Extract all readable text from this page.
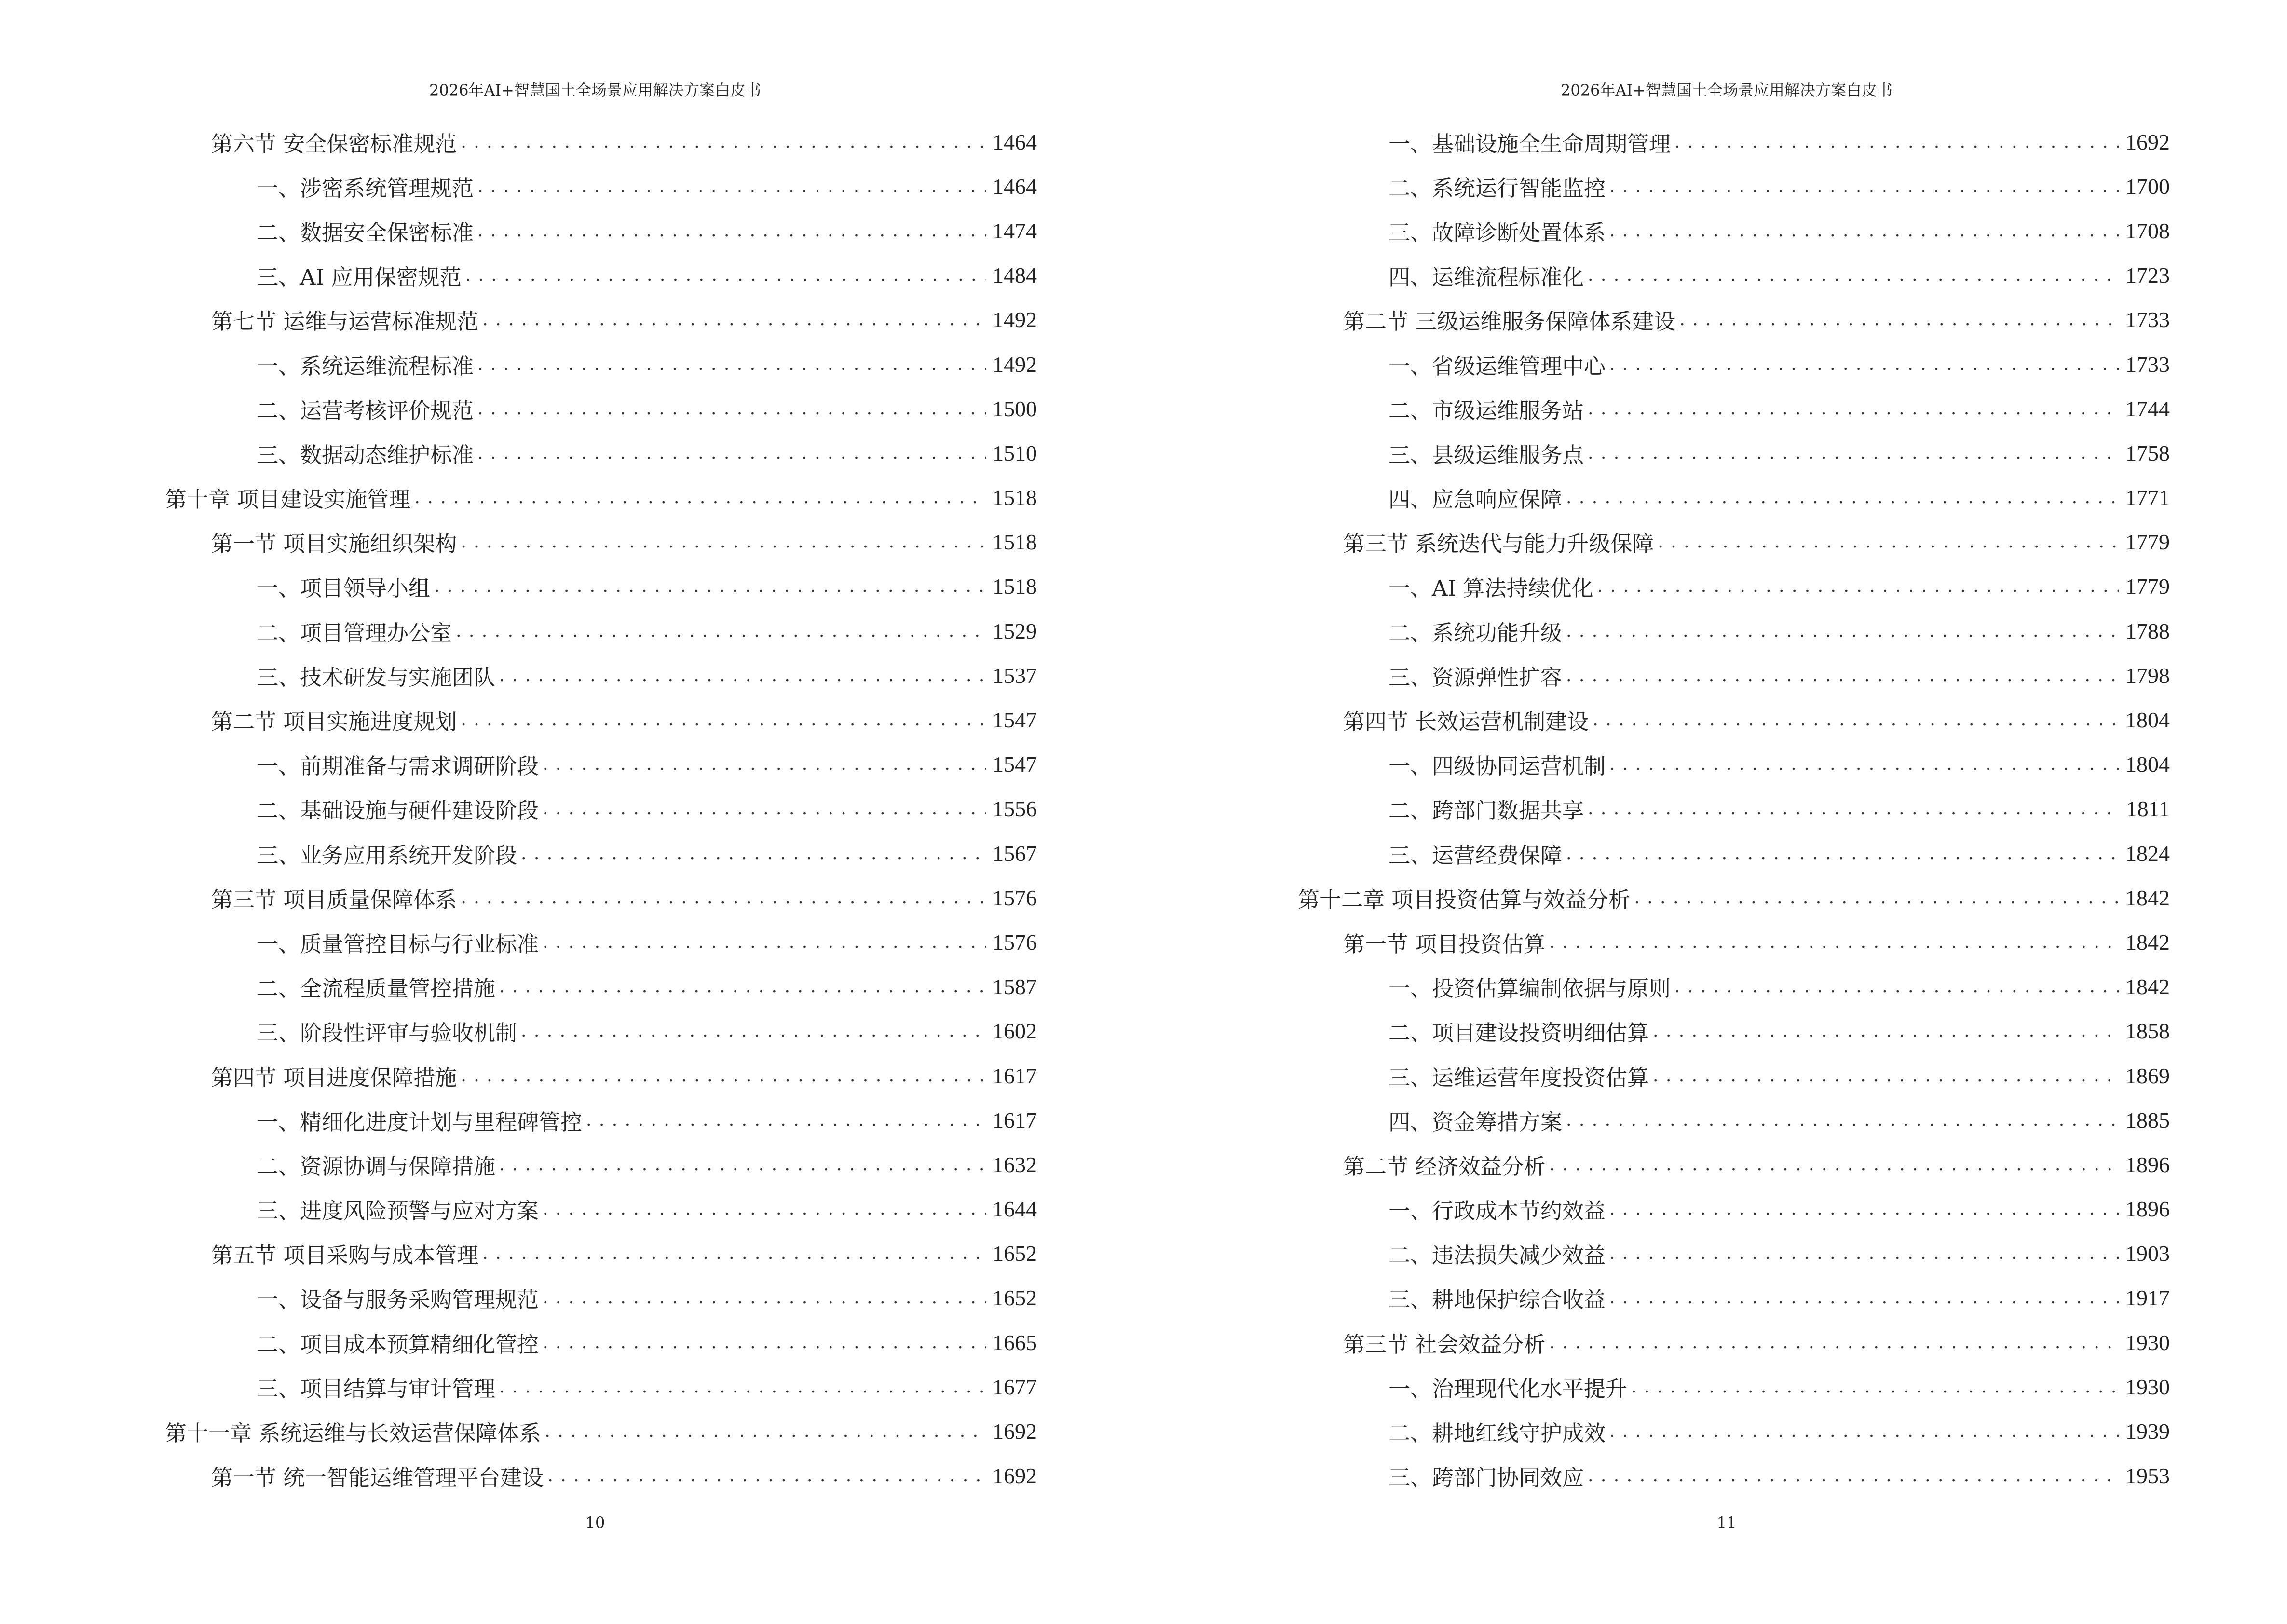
2026年AI+智慧国土全场景应用解决方案白皮书
第六节 安全保密标准规范 . . .	1464
一、涉密系统管理规范 . . .	1464
二、数据安全保密标准 . . .	1474
三、AI 应用保密规范 . . .	1484
第七节 运维与运营标准规范 . . .	1492
一、系统运维流程标准 . . .	1492
二、运营考核评价规范 . . .	1500
三、数据动态维护标准 . . .	1510
第十章 项目建设实施管理 . . .	1518
第一节 项目实施组织架构 . . .	1518
一、项目领导小组 . . .	1518
二、项目管理办公室 . . .	1529
三、技术研发与实施团队 . . .	1537
第二节 项目实施进度规划 . . .	1547
一、前期准备与需求调研阶段 . . .	1547
二、基础设施与硬件建设阶段 . . .	1556
三、业务应用系统开发阶段 . . .	1567
第三节 项目质量保障体系 . . .	1576
一、质量管控目标与行业标准 . . .	1576
二、全流程质量管控措施 . . .	1587
三、阶段性评审与验收机制 . . .	1602
第四节 项目进度保障措施 . . .	1617
一、精细化进度计划与里程碑管控 . . .	1617
二、资源协调与保障措施 . . .	1632
三、进度风险预警与应对方案 . . .	1644
第五节 项目采购与成本管理 . . .	1652
一、设备与服务采购管理规范 . . .	1652
二、项目成本预算精细化管控 . . .	1665
三、项目结算与审计管理 . . .	1677
第十一章 系统运维与长效运营保障体系 . . .	1692
第一节 统一智能运维管理平台建设 . . .	1692
10
2026年AI+智慧国土全场景应用解决方案白皮书
一、基础设施全生命周期管理 . . .	1692
二、系统运行智能监控 . . .	1700
三、故障诊断处置体系 . . .	1708
四、运维流程标准化 . . .	1723
第二节 三级运维服务保障体系建设 . . .	1733
一、省级运维管理中心 . . .	1733
二、市级运维服务站 . . .	1744
三、县级运维服务点 . . .	1758
四、应急响应保障 . . .	1771
第三节 系统迭代与能力升级保障 . . .	1779
一、AI 算法持续优化 . . .	1779
二、系统功能升级 . . .	1788
三、资源弹性扩容 . . .	1798
第四节 长效运营机制建设 . . .	1804
一、四级协同运营机制 . . .	1804
二、跨部门数据共享 . . .	1811
三、运营经费保障 . . .	1824
第十二章 项目投资估算与效益分析 . . .	1842
第一节 项目投资估算 . . .	1842
一、投资估算编制依据与原则 . . .	1842
二、项目建设投资明细估算 . . .	1858
三、运维运营年度投资估算 . . .	1869
四、资金筹措方案 . . .	1885
第二节 经济效益分析 . . .	1896
一、行政成本节约效益 . . .	1896
二、违法损失减少效益 . . .	1903
三、耕地保护综合收益 . . .	1917
第三节 社会效益分析 . . .	1930
一、治理现代化水平提升 . . .	1930
二、耕地红线守护成效 . . .	1939
三、跨部门协同效应 . . .	1953
11
